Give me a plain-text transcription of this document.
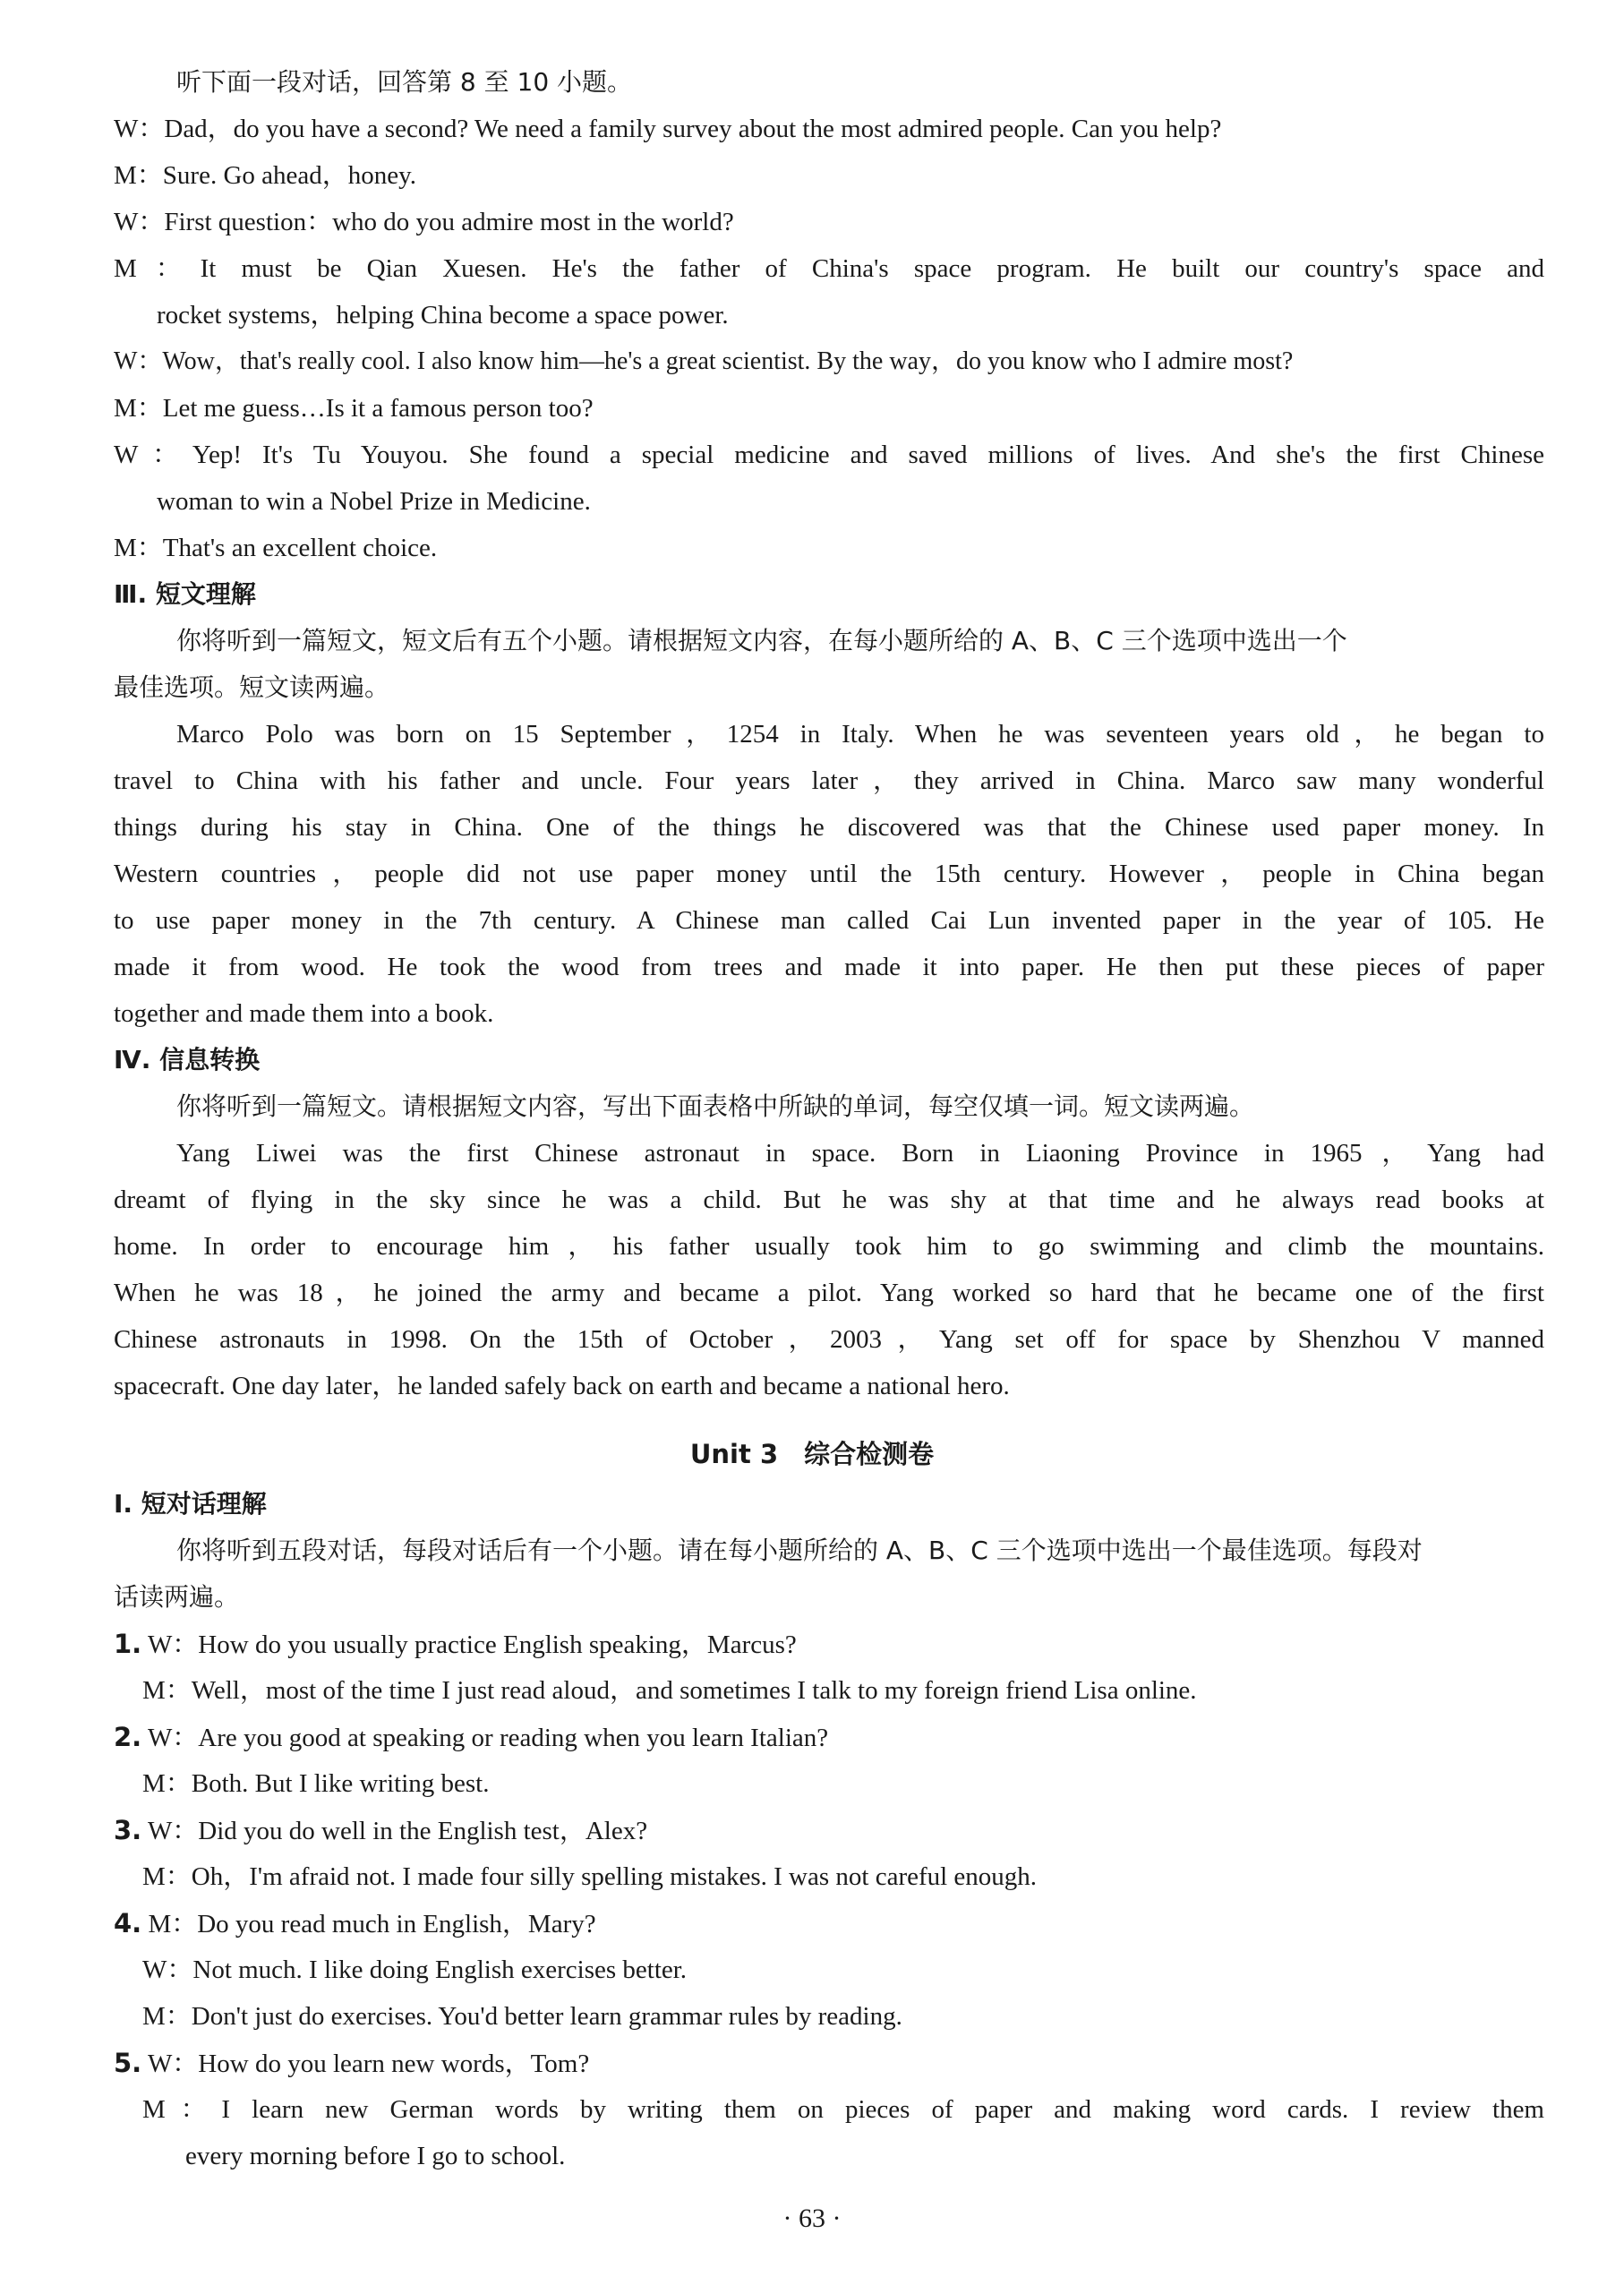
听下面一段对话，回答第 8 至 10 小题。
W：Dad，do you have a second? We need a family survey about the most admired people. Can you help?
M：Sure. Go ahead，honey.
W：First question：who do you admire most in the world?
M：It must be Qian Xuesen. He's the father of China's space program. He built our country's space and
rocket systems，helping China become a space power.
W：Wow，that's really cool. I also know him—he's a great scientist. By the way，do you know who I admire most?
M：Let me guess…Is it a famous person too?
W：Yep! It's Tu Youyou. She found a special medicine and saved millions of lives. And she's the first Chinese
woman to win a Nobel Prize in Medicine.
M：That's an excellent choice.
Ⅲ. 短文理解
你将听到一篇短文，短文后有五个小题。请根据短文内容，在每小题所给的 A、B、C 三个选项中选出一个
最佳选项。短文读两遍。
Marco Polo was born on 15 September，1254 in Italy. When he was seventeen years old，he began to
travel to China with his father and uncle. Four years later，they arrived in China. Marco saw many wonderful
things during his stay in China. One of the things he discovered was that the Chinese used paper money. In
Western countries，people did not use paper money until the 15th century. However，people in China began
to use paper money in the 7th century. A Chinese man called Cai Lun invented paper in the year of 105. He
made it from wood. He took the wood from trees and made it into paper. He then put these pieces of paper
together and made them into a book.
Ⅳ. 信息转换
你将听到一篇短文。请根据短文内容，写出下面表格中所缺的单词，每空仅填一词。短文读两遍。
Yang Liwei was the first Chinese astronaut in space. Born in Liaoning Province in 1965，Yang had
dreamt of flying in the sky since he was a child. But he was shy at that time and he always read books at
home. In order to encourage him，his father usually took him to go swimming and climb the mountains.
When he was 18，he joined the army and became a pilot. Yang worked so hard that he became one of the first
Chinese astronauts in 1998. On the 15th of October，2003，Yang set off for space by Shenzhou V manned
spacecraft. One day later，he landed safely back on earth and became a national hero.
Unit 3　综合检测卷
Ⅰ. 短对话理解
你将听到五段对话，每段对话后有一个小题。请在每小题所给的 A、B、C 三个选项中选出一个最佳选项。每段对
话读两遍。
1. W：How do you usually practice English speaking，Marcus?
M：Well，most of the time I just read aloud，and sometimes I talk to my foreign friend Lisa online.
2. W：Are you good at speaking or reading when you learn Italian?
M：Both. But I like writing best.
3. W：Did you do well in the English test，Alex?
M：Oh，I'm afraid not. I made four silly spelling mistakes. I was not careful enough.
4. M：Do you read much in English，Mary?
W：Not much. I like doing English exercises better.
M：Don't just do exercises. You'd better learn grammar rules by reading.
5. W：How do you learn new words，Tom?
M：I learn new German words by writing them on pieces of paper and making word cards. I review them
every morning before I go to school.
· 63 ·
